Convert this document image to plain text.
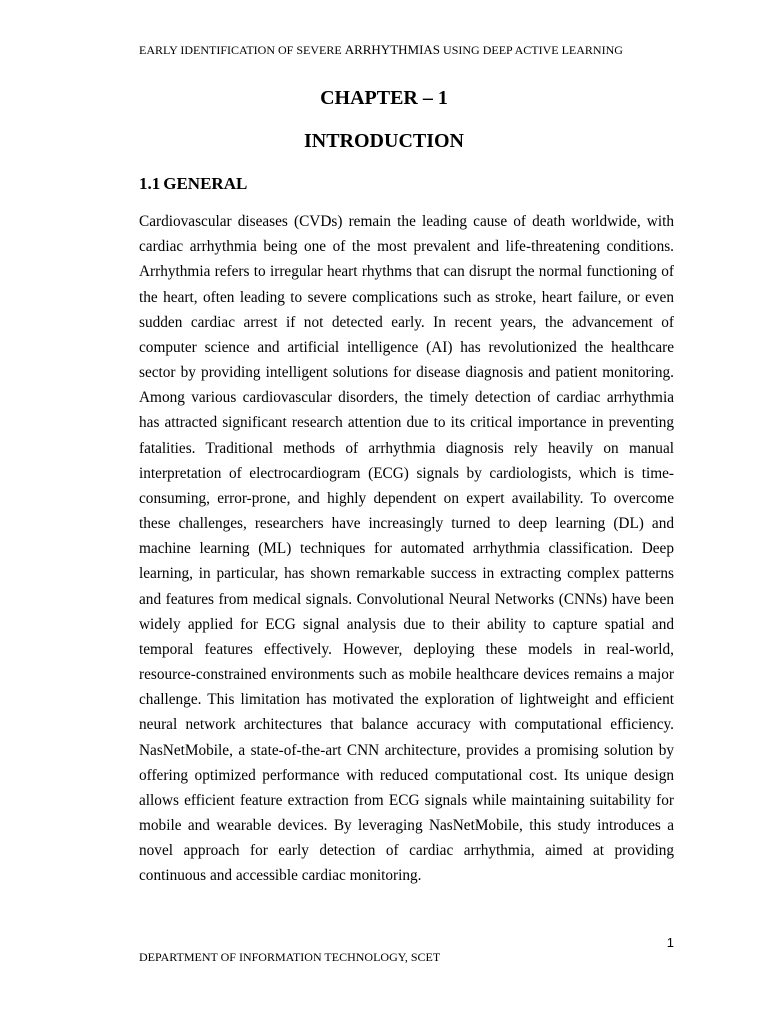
EARLY IDENTIFICATION OF SEVERE ARRHYTHMIAS USING DEEP ACTIVE LEARNING
CHAPTER – 1
INTRODUCTION
1.1 GENERAL

Cardiovascular diseases (CVDs) remain the leading cause of death worldwide, with cardiac arrhythmia being one of the most prevalent and life-threatening conditions. Arrhythmia refers to irregular heart rhythms that can disrupt the normal functioning of the heart, often leading to severe complications such as stroke, heart failure, or even sudden cardiac arrest if not detected early. In recent years, the advancement of computer science and artificial intelligence (AI) has revolutionized the healthcare sector by providing intelligent solutions for disease diagnosis and patient monitoring. Among various cardiovascular disorders, the timely detection of cardiac arrhythmia has attracted significant research attention due to its critical importance in preventing fatalities. Traditional methods of arrhythmia diagnosis rely heavily on manual interpretation of electrocardiogram (ECG) signals by cardiologists, which is time-consuming, error-prone, and highly dependent on expert availability. To overcome these challenges, researchers have increasingly turned to deep learning (DL) and machine learning (ML) techniques for automated arrhythmia classification. Deep learning, in particular, has shown remarkable success in extracting complex patterns and features from medical signals. Convolutional Neural Networks (CNNs) have been widely applied for ECG signal analysis due to their ability to capture spatial and temporal features effectively. However, deploying these models in real-world, resource-constrained environments such as mobile healthcare devices remains a major challenge. This limitation has motivated the exploration of lightweight and efficient neural network architectures that balance accuracy with computational efficiency. NasNetMobile, a state-of-the-art CNN architecture, provides a promising solution by offering optimized performance with reduced computational cost. Its unique design allows efficient feature extraction from ECG signals while maintaining suitability for mobile and wearable devices. By leveraging NasNetMobile, this study introduces a novel approach for early detection of cardiac arrhythmia, aimed at providing continuous and accessible cardiac monitoring.

1
DEPARTMENT OF INFORMATION TECHNOLOGY, SCET
